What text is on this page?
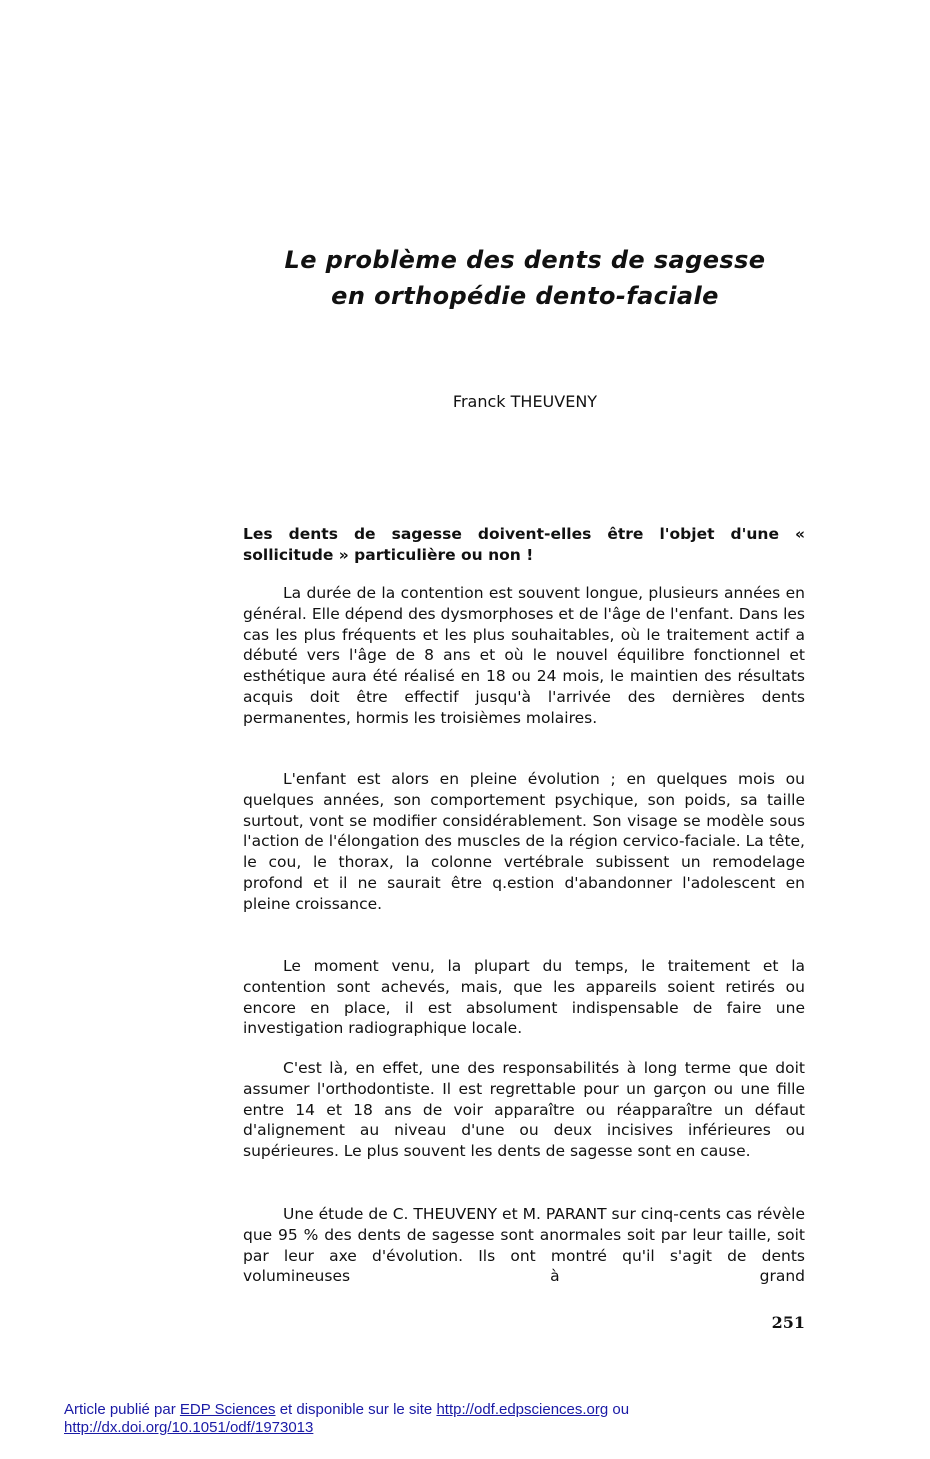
Le problème des dents de sagesse
en orthopédie dento-faciale
Franck THEUVENY
Les dents de sagesse doivent-elles être l'objet d'une « sollicitude » particulière ou non !

La durée de la contention est souvent longue, plusieurs années en général. Elle dépend des dysmorphoses et de l'âge de l'enfant. Dans les cas les plus fréquents et les plus souhaitables, où le traitement actif a débuté vers l'âge de 8 ans et où le nouvel équilibre fonctionnel et esthétique aura été réalisé en 18 ou 24 mois, le maintien des résultats acquis doit être effectif jusqu'à l'arrivée des dernières dents permanentes, hormis les troisièmes molaires.

L'enfant est alors en pleine évolution ; en quelques mois ou quelques années, son comportement psychique, son poids, sa taille surtout, vont se modifier considérablement. Son visage se modèle sous l'action de l'élongation des muscles de la région cervico-faciale. La tête, le cou, le thorax, la colonne vertébrale subissent un remodelage profond et il ne saurait être q.estion d'abandonner l'adolescent en pleine croissance.

Le moment venu, la plupart du temps, le traitement et la contention sont achevés, mais, que les appareils soient retirés ou encore en place, il est absolument indispensable de faire une investigation radiographique locale.

C'est là, en effet, une des responsabilités à long terme que doit assumer l'orthodontiste. Il est regrettable pour un garçon ou une fille entre 14 et 18 ans de voir apparaître ou réapparaître un défaut d'alignement au niveau d'une ou deux incisives inférieures ou supérieures. Le plus souvent les dents de sagesse sont en cause.

Une étude de C. THEUVENY et M. PARANT sur cinq-cents cas révèle que 95 % des dents de sagesse sont anormales soit par leur taille, soit par leur axe d'évolution. Ils ont montré qu'il s'agit de dents volumineuses à grand

251
Article publié par EDP Sciences et disponible sur le site http://odf.edpsciences.org ou
http://dx.doi.org/10.1051/odf/1973013
